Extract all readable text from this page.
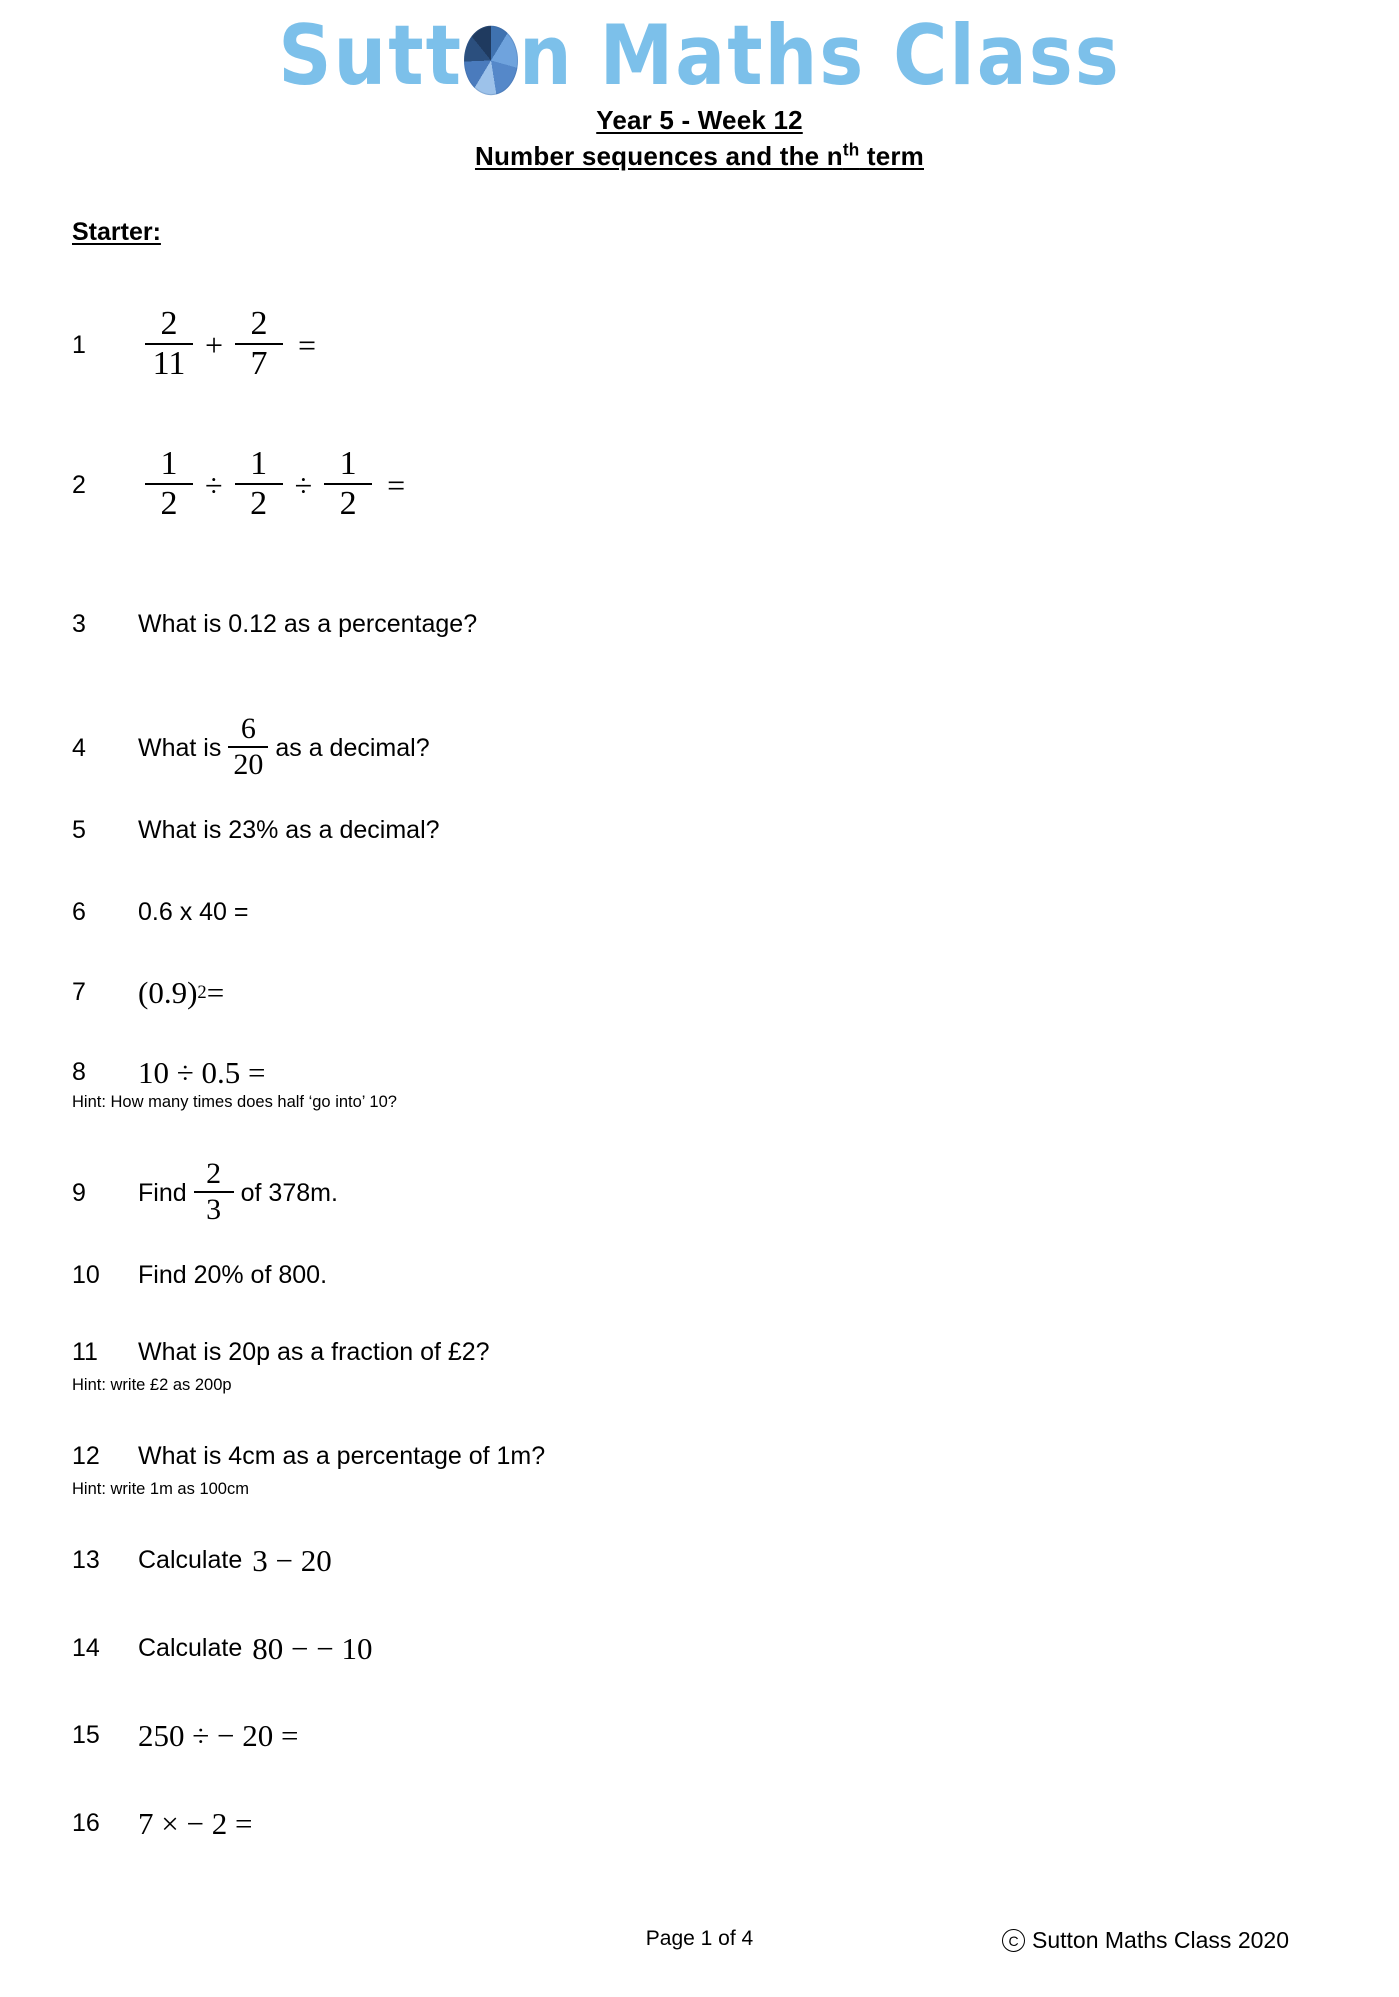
Sutt n Maths Class
Year 5 - Week 12
Number sequences and the $n^{th}$ term
Starter:
1	$\frac{2}{11} + \frac{2}{7}$ =
2	$\frac{1}{2} \div \frac{1}{2} \div \frac{1}{2}$ =
3	What is 0.12 as a percentage?
4	What is $\frac{6}{20}$ as a decimal?
5	What is 23% as a decimal?
6	0.6 x 40 =
7	(0.9) 2 =
8	10 ÷ 0.5 =
Hint: How many times does half ‘go into’ 10?
9	Find $\frac{2}{3}$ of 378m.
10	Find 20% of 800.
11	What is 20p as a fraction of £2?
Hint: write £2 as 200p
12	What is 4cm as a percentage of 1m?
Hint: write 1m as 100cm
13	Calculate 3 − 20
14	Calculate 80 − − 10
15	250 ÷ − 20 =
16	7 × − 2 =
Page 1 of 4	C Sutton Maths Class 2020
